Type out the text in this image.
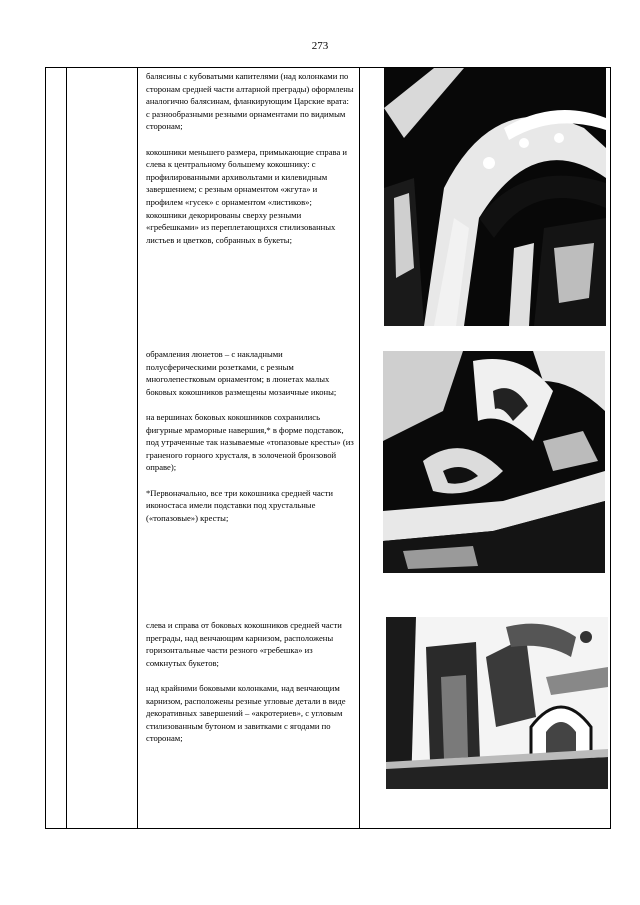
273

балясины с кубоватыми капителями (над колонками по сторонам средней части алтарной преграды) оформлены аналогично балясинам, фланкирующим Царские врата: с разнообразными резными орнаментами по видимым сторонам;

кокошники меньшего размера, примыкающие справа и слева к центральному большему кокошнику: с профилированными архивольтами и килевидным завершением; с резным орнаментом «жгута» и профилем «гусек» с орнаментом «листиков»; кокошники декорированы сверху резными «гребешками» из переплетающихся стилизованных листьев и цветков, собранных в букеты;

обрамления люнетов – с накладными полусферическими розетками, с резным многолепестковым орнаментом; в люнетах малых боковых кокошников размещены мозаичные иконы;

на вершинах боковых кокошников сохранились фигурные мраморные навершия,* в форме подставок, под утраченные так называемые «топазовые кресты» (из граненого горного хрусталя, в золоченой бронзовой оправе);

*Первоначально, все три кокошника средней части иконостаса имели подставки под хрустальные («топазовые») кресты;

слева и справа от боковых кокошников средней части преграды, над венчающим карнизом, расположены горизонтальные части резного «гребешка» из сомкнутых букетов;

над крайними боковыми колонками, над венчающим карнизом, расположены резные угловые детали в виде декоративных завершений – «акротериев», с угловым стилизованным бутоном и завитками с ягодами по сторонам;
